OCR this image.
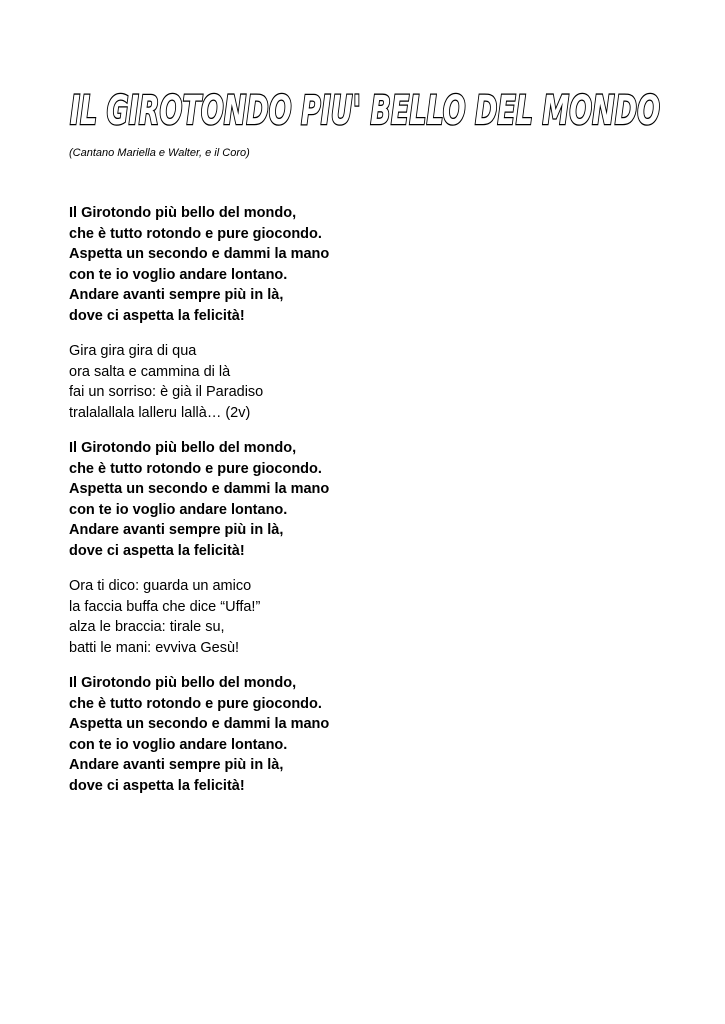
IL GIROTONDO PIU' BELLO DEL MONDO
(Cantano Mariella e Walter, e il Coro)
Il Girotondo più bello del mondo,
che è tutto rotondo e pure giocondo.
Aspetta un secondo e dammi la mano
con te io voglio andare lontano.
Andare avanti sempre più in là,
dove ci aspetta la felicità!
Gira gira gira di qua
ora salta e cammina di là
fai un sorriso: è già il Paradiso
tralalallala lalleru lallà… (2v)
Il Girotondo più bello del mondo,
che è tutto rotondo e pure giocondo.
Aspetta un secondo e dammi la mano
con te io voglio andare lontano.
Andare avanti sempre più in là,
dove ci aspetta la felicità!
Ora ti dico: guarda un amico
la faccia buffa che dice “Uffa!”
alza le braccia: tirale su,
batti le mani: evviva Gesù!
Il Girotondo più bello del mondo,
che è tutto rotondo e pure giocondo.
Aspetta un secondo e dammi la mano
con te io voglio andare lontano.
Andare avanti sempre più in là,
dove ci aspetta la felicità!
